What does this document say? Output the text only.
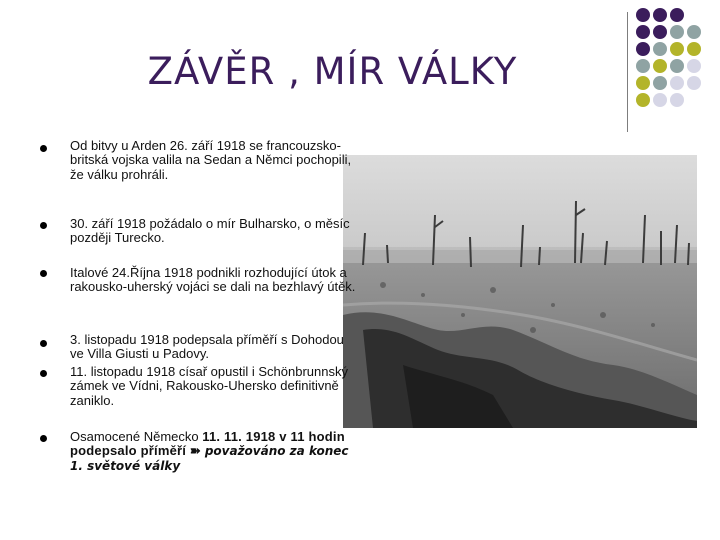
ZÁVĚR , MÍR VÁLKY
Od bitvy u Arden 26. září 1918 se francouzsko-britská vojska valila na Sedan a Němci pochopili, že válku prohráli.
30. září 1918 požádalo o mír Bulharsko, o měsíc později Turecko.
Italové 24.Října 1918 podnikli rozhodující útok a rakousko-uherský vojáci se dali na bezhlavý útěk.
3. listopadu 1918 podepsala příměří s Dohodou ve Villa Giusti u Padovy.
11. listopadu 1918 císař opustil i Schönbrunnský zámek ve Vídni, Rakousko-Uhersko definitivně zaniklo.
Osamocené Německo 11. 11. 1918 v 11 hodin podepsalo příměří ➽ považováno za konec 1. světové války
